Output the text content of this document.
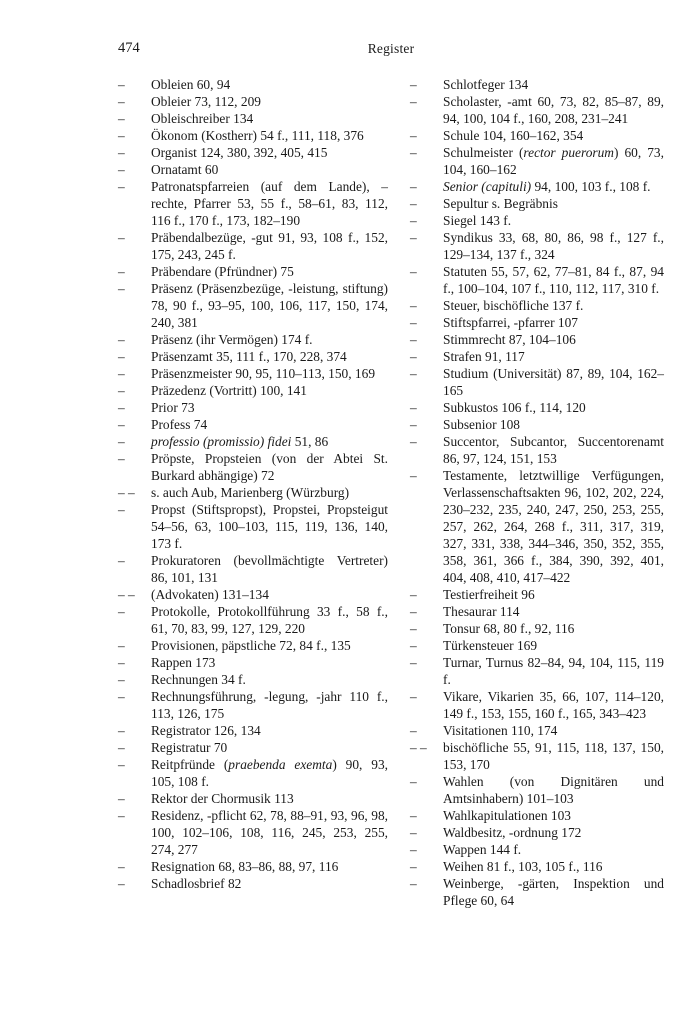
474	Register
– Obleien 60, 94
– Obleier 73, 112, 209
– Obleischreiber 134
– Ökonom (Kostherr) 54 f., 111, 118, 376
– Organist 124, 380, 392, 405, 415
– Ornatamt 60
– Patronatspfarreien (auf dem Lande), –rechte, Pfarrer 53, 55 f., 58–61, 83, 112, 116 f., 170 f., 173, 182–190
– Präbendalbezüge, -gut 91, 93, 108 f., 152, 175, 243, 245 f.
– Präbendare (Pfründner) 75
– Präsenz (Präsenzbezüge, -leistung, stiftung) 78, 90 f., 93–95, 100, 106, 117, 150, 174, 240, 381
– Präsenz (ihr Vermögen) 174 f.
– Präsenzamt 35, 111 f., 170, 228, 374
– Präsenzmeister 90, 95, 110–113, 150, 169
– Präzedenz (Vortritt) 100, 141
– Prior 73
– Profess 74
– professio (promissio) fidei 51, 86
– Pröpste, Propsteien (von der Abtei St. Burkard abhängige) 72
– – s. auch Aub, Marienberg (Würzburg)
– Propst (Stiftspropst), Propstei, Propsteigut 54–56, 63, 100–103, 115, 119, 136, 140, 173 f.
– Prokuratoren (bevollmächtigte Vertreter) 86, 101, 131
– – (Advokaten) 131–134
– Protokolle, Protokollführung 33 f., 58 f., 61, 70, 83, 99, 127, 129, 220
– Provisionen, päpstliche 72, 84 f., 135
– Rappen 173
– Rechnungen 34 f.
– Rechnungsführung, -legung, -jahr 110 f., 113, 126, 175
– Registrator 126, 134
– Registratur 70
– Reitpfründe (praebenda exemta) 90, 93, 105, 108 f.
– Rektor der Chormusik 113
– Residenz, -pflicht 62, 78, 88–91, 93, 96, 98, 100, 102–106, 108, 116, 245, 253, 255, 274, 277
– Resignation 68, 83–86, 88, 97, 116
– Schadlosbrief 82
– Schlotfeger 134
– Scholaster, -amt 60, 73, 82, 85–87, 89, 94, 100, 104 f., 160, 208, 231–241
– Schule 104, 160–162, 354
– Schulmeister (rector puerorum) 60, 73, 104, 160–162
– Senior (capituli) 94, 100, 103 f., 108 f.
– Sepultur s. Begräbnis
– Siegel 143 f.
– Syndikus 33, 68, 80, 86, 98 f., 127 f., 129–134, 137 f., 324
– Statuten 55, 57, 62, 77–81, 84 f., 87, 94 f., 100–104, 107 f., 110, 112, 117, 310 f.
– Steuer, bischöfliche 137 f.
– Stiftspfarrei, -pfarrer 107
– Stimmrecht 87, 104–106
– Strafen 91, 117
– Studium (Universität) 87, 89, 104, 162–165
– Subkustos 106 f., 114, 120
– Subsenior 108
– Succentor, Subcantor, Succentorenamt 86, 97, 124, 151, 153
– Testamente, letztwillige Verfügungen, Verlassenschaftsakten 96, 102, 202, 224, 230–232, 235, 240, 247, 250, 253, 255, 257, 262, 264, 268 f., 311, 317, 319, 327, 331, 338, 344–346, 350, 352, 355, 358, 361, 366 f., 384, 390, 392, 401, 404, 408, 410, 417–422
– Testierfreiheit 96
– Thesaurar 114
– Tonsur 68, 80 f., 92, 116
– Türkensteuer 169
– Turnar, Turnus 82–84, 94, 104, 115, 119 f.
– Vikare, Vikarien 35, 66, 107, 114–120, 149 f., 153, 155, 160 f., 165, 343–423
– Visitationen 110, 174
– – bischöfliche 55, 91, 115, 118, 137, 150, 153, 170
– Wahlen (von Dignitären und Amtsinhabern) 101–103
– Wahlkapitulationen 103
– Waldbesitz, -ordnung 172
– Wappen 144 f.
– Weihen 81 f., 103, 105 f., 116
– Weinberge, -gärten, Inspektion und Pflege 60, 64
